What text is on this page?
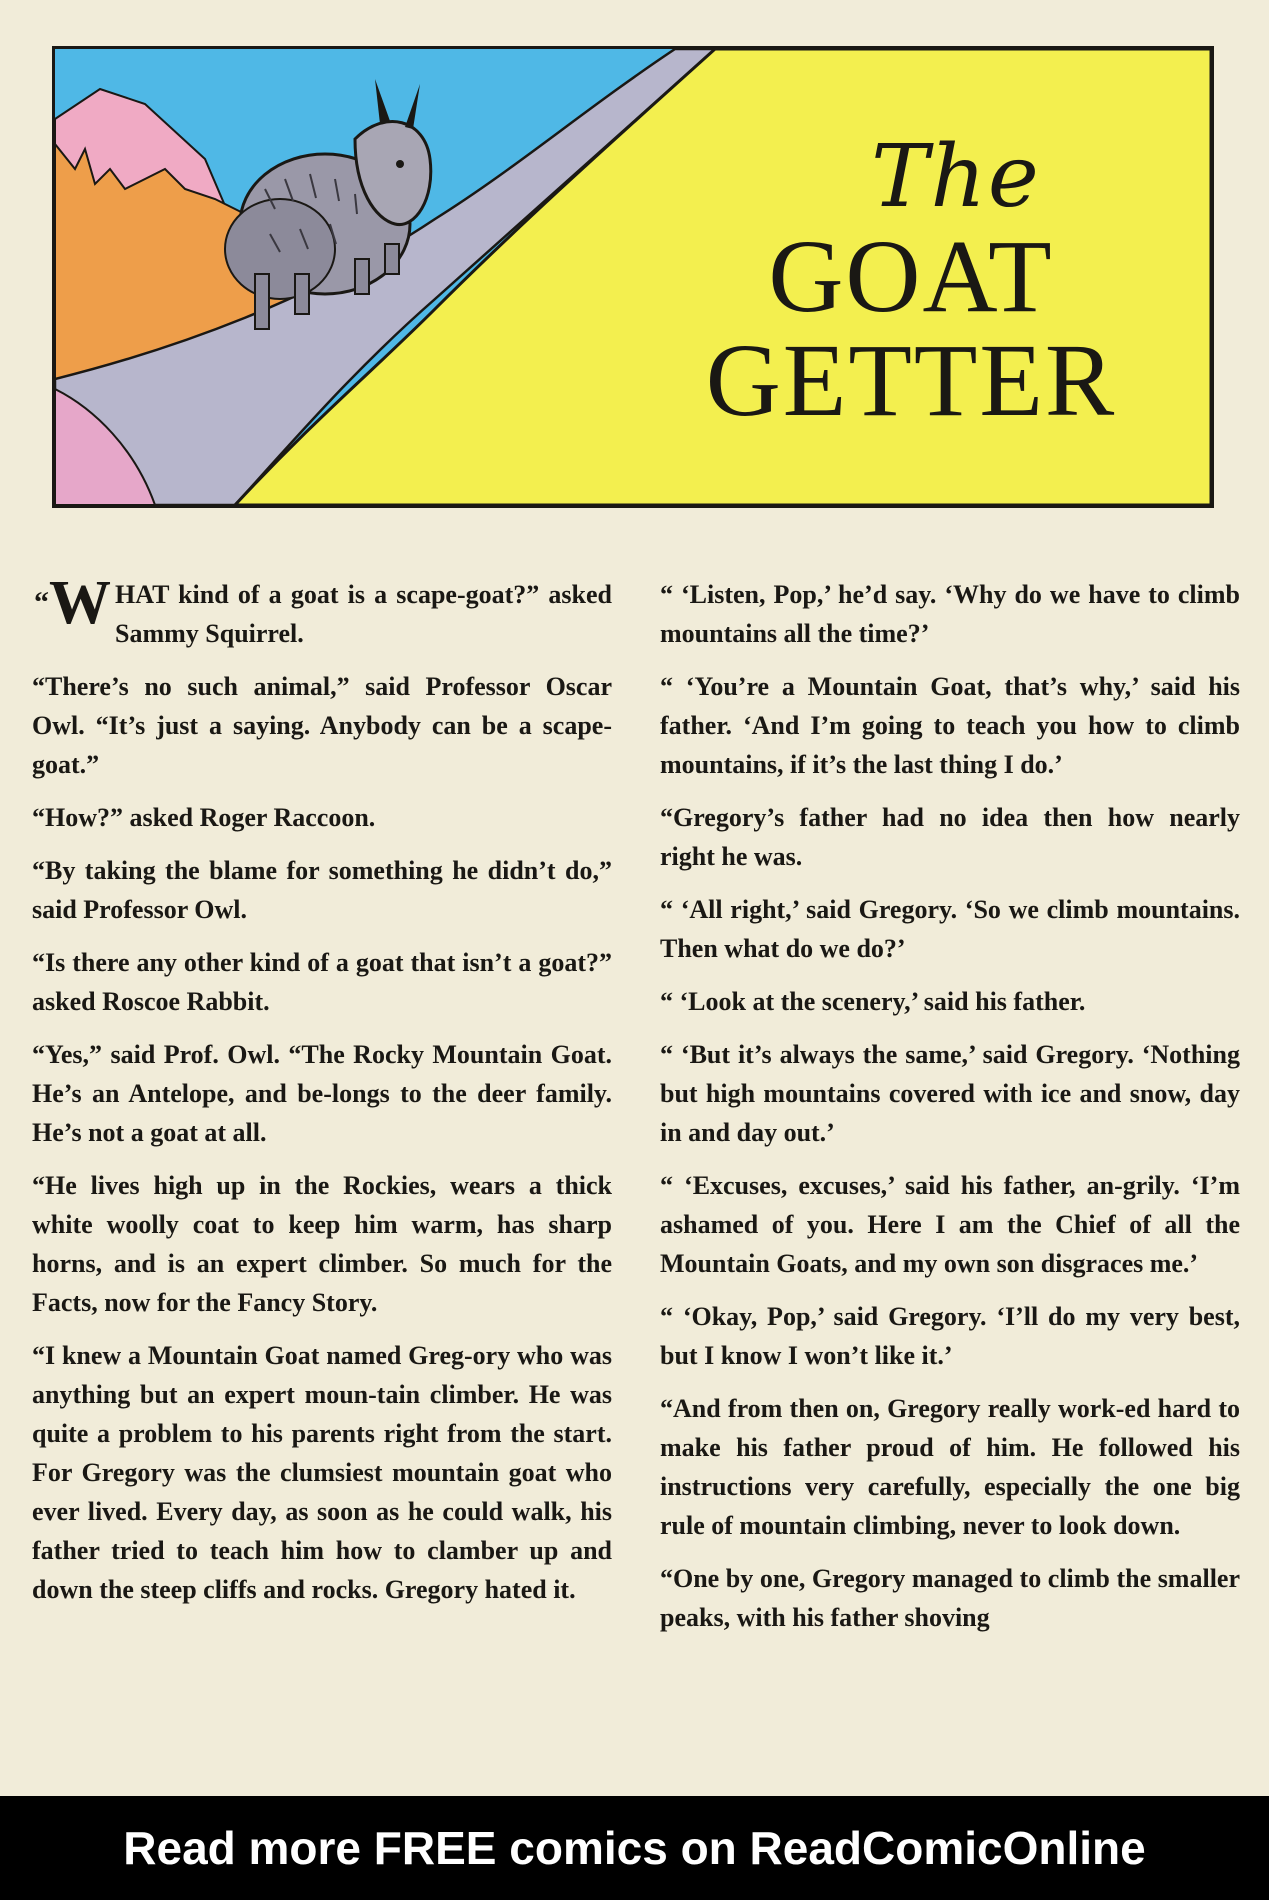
The
GOAT
GETTER

“W HAT kind of a goat is a scape-goat?” asked Sammy Squirrel.

“There’s no such animal,” said Professor Oscar Owl. “It’s just a saying. Anybody can be a scape-goat.”

“How?” asked Roger Raccoon.

“By taking the blame for something he didn’t do,” said Professor Owl.

“Is there any other kind of a goat that isn’t a goat?” asked Roscoe Rabbit.

“Yes,” said Prof. Owl. “The Rocky Mountain Goat. He’s an Antelope, and be-longs to the deer family. He’s not a goat at all.

“He lives high up in the Rockies, wears a thick white woolly coat to keep him warm, has sharp horns, and is an expert climber. So much for the Facts, now for the Fancy Story.

“I knew a Mountain Goat named Greg-ory who was anything but an expert moun-tain climber. He was quite a problem to his parents right from the start. For Gregory was the clumsiest mountain goat who ever lived. Every day, as soon as he could walk, his father tried to teach him how to clamber up and down the steep cliffs and rocks. Gregory hated it.

“ ‘Listen, Pop,’ he’d say. ‘Why do we have to climb mountains all the time?’

“ ‘You’re a Mountain Goat, that’s why,’ said his father. ‘And I’m going to teach you how to climb mountains, if it’s the last thing I do.’

“Gregory’s father had no idea then how nearly right he was.

“ ‘All right,’ said Gregory. ‘So we climb mountains. Then what do we do?’

“ ‘Look at the scenery,’ said his father.

“ ‘But it’s always the same,’ said Gregory. ‘Nothing but high mountains covered with ice and snow, day in and day out.’

“ ‘Excuses, excuses,’ said his father, an-grily. ‘I’m ashamed of you. Here I am the Chief of all the Mountain Goats, and my own son disgraces me.’

“ ‘Okay, Pop,’ said Gregory. ‘I’ll do my very best, but I know I won’t like it.’

“And from then on, Gregory really work-ed hard to make his father proud of him. He followed his instructions very carefully, especially the one big rule of mountain climbing, never to look down.

“One by one, Gregory managed to climb the smaller peaks, with his father shoving

Read more FREE comics on ReadComicOnline
